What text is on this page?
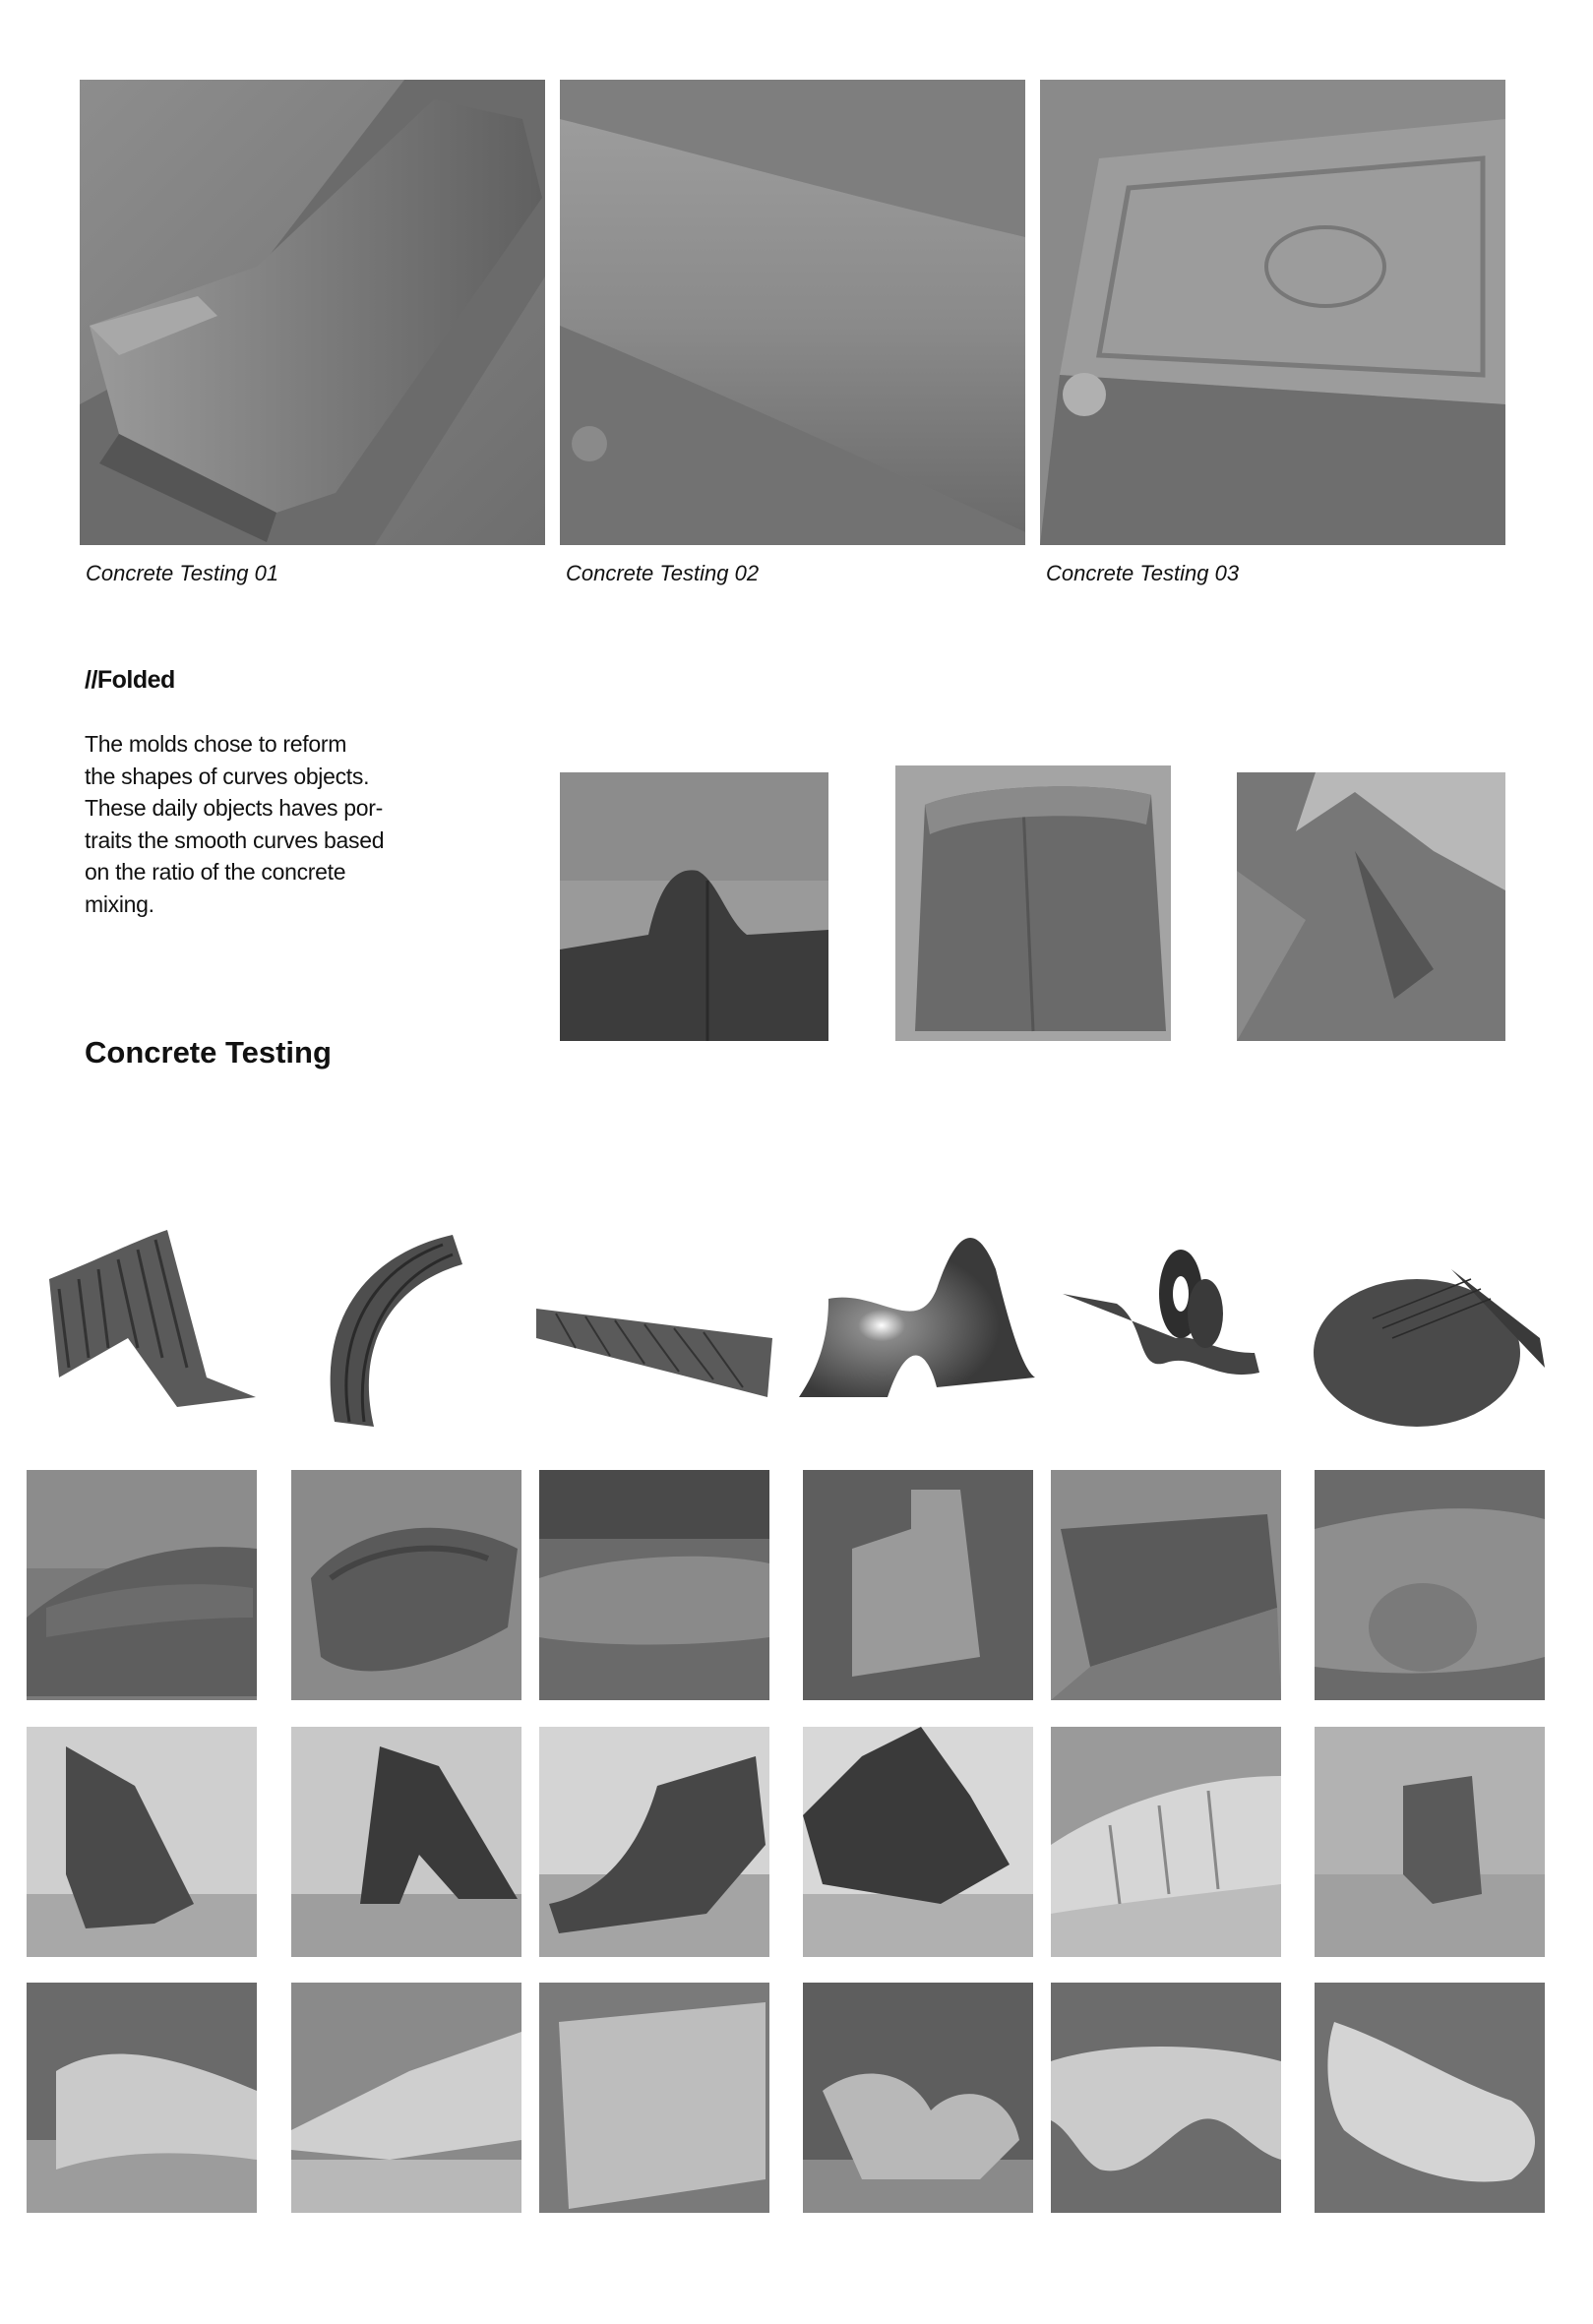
Concrete Testing 01	Concrete Testing 02	Concrete Testing 03
//Folded
The molds chose to reform
the shapes of curves objects.
These daily objects haves por-
traits the smooth curves based
on the ratio of the concrete
mixing.
Concrete Testing
